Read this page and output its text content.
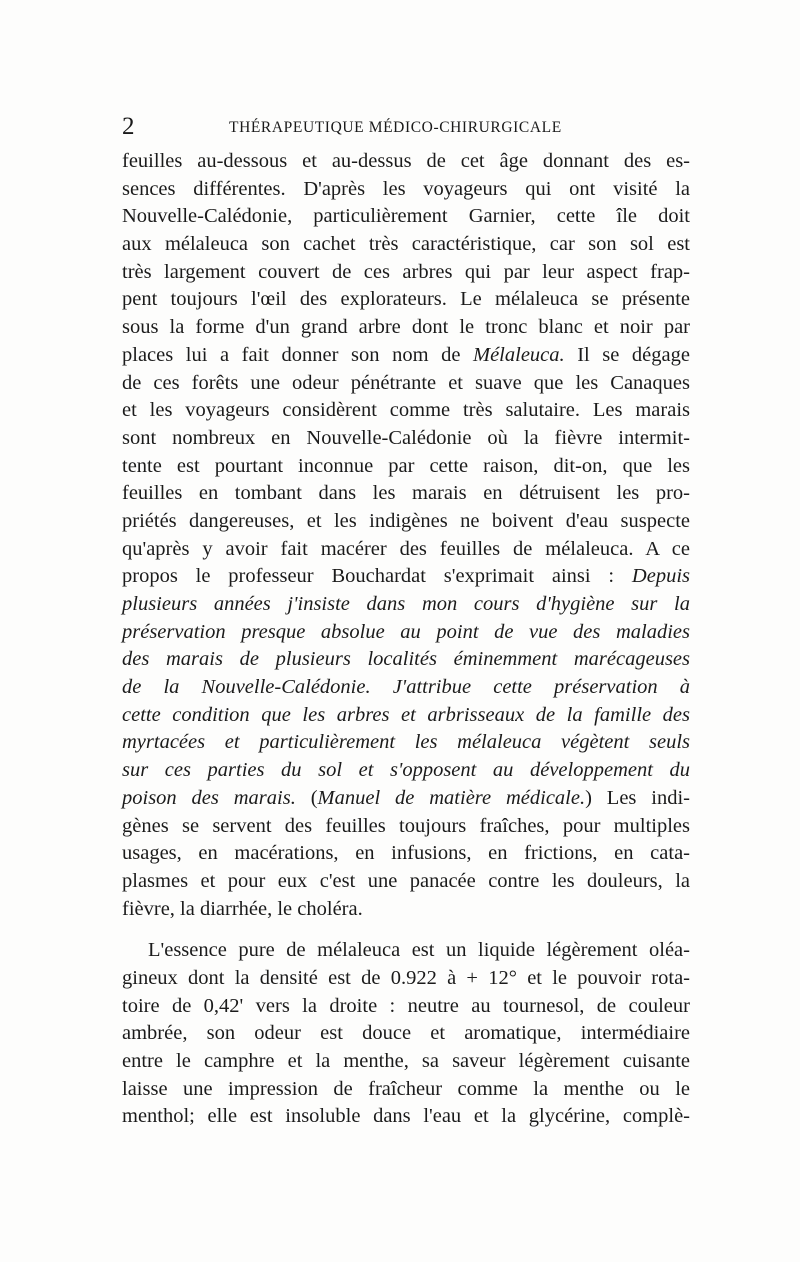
2	THÉRAPEUTIQUE MÉDICO-CHIRURGICALE
feuilles au-dessous et au-dessus de cet âge donnant des es-
sences différentes. D'après les voyageurs qui ont visité la
Nouvelle-Calédonie, particulièrement Garnier, cette île doit
aux mélaleuca son cachet très caractéristique, car son sol est
très largement couvert de ces arbres qui par leur aspect frap-
pent toujours l'œil des explorateurs. Le mélaleuca se présente
sous la forme d'un grand arbre dont le tronc blanc et noir par
places lui a fait donner son nom de Mélaleuca. Il se dégage
de ces forêts une odeur pénétrante et suave que les Canaques
et les voyageurs considèrent comme très salutaire. Les marais
sont nombreux en Nouvelle-Calédonie où la fièvre intermit-
tente est pourtant inconnue par cette raison, dit-on, que les
feuilles en tombant dans les marais en détruisent les pro-
priétés dangereuses, et les indigènes ne boivent d'eau suspecte
qu'après y avoir fait macérer des feuilles de mélaleuca. A ce
propos le professeur Bouchardat s'exprimait ainsi : Depuis
plusieurs années j'insiste dans mon cours d'hygiène sur la
préservation presque absolue au point de vue des maladies
des marais de plusieurs localités éminemment marécageuses
de la Nouvelle-Calédonie. J'attribue cette préservation à
cette condition que les arbres et arbrisseaux de la famille des
myrtacées et particulièrement les mélaleuca végètent seuls
sur ces parties du sol et s'opposent au développement du
poison des marais. (Manuel de matière médicale.) Les indi-
gènes se servent des feuilles toujours fraîches, pour multiples
usages, en macérations, en infusions, en frictions, en cata-
plasmes et pour eux c'est une panacée contre les douleurs, la
fièvre, la diarrhée, le choléra.
L'essence pure de mélaleuca est un liquide légèrement oléa-
gineux dont la densité est de 0.922 à + 12° et le pouvoir rota-
toire de 0,42' vers la droite : neutre au tournesol, de couleur
ambrée, son odeur est douce et aromatique, intermédiaire
entre le camphre et la menthe, sa saveur légèrement cuisante
laisse une impression de fraîcheur comme la menthe ou le
menthol; elle est insoluble dans l'eau et la glycérine, complè-
